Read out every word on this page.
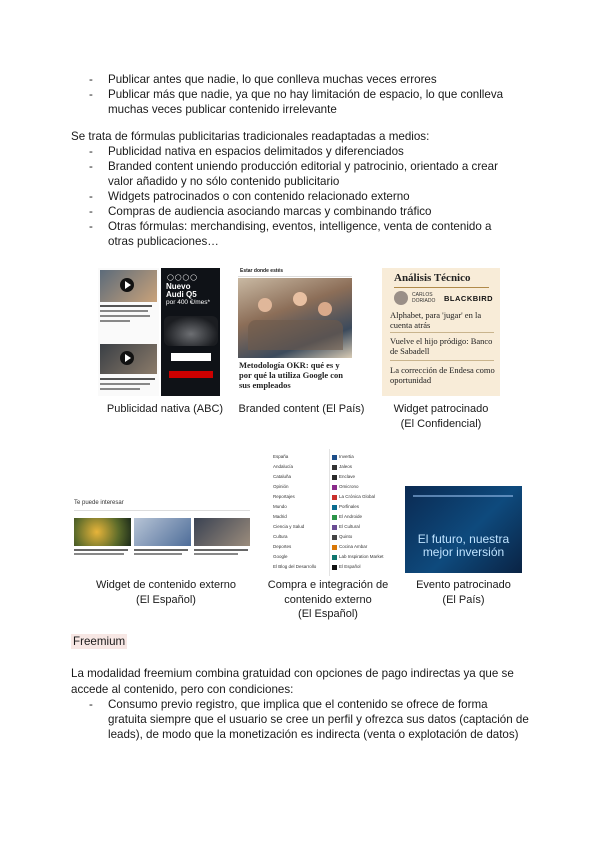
- Publicar antes que nadie, lo que conlleva muchas veces errores
- Publicar más que nadie, ya que no hay limitación de espacio, lo que conlleva muchas veces publicar contenido irrelevante
Se trata de fórmulas publicitarias tradicionales readaptadas a medios:
- Publicidad nativa en espacios delimitados y diferenciados
- Branded content uniendo producción editorial y patrocinio, orientado a crear valor añadido y no sólo contenido publicitario
- Widgets patrocinados o con contenido relacionado externo
- Compras de audiencia asociando marcas y combinando tráfico
- Otras fórmulas: merchandising, eventos, intelligence, venta de contenido a otras publicaciones…
◯◯◯◯
Nuevo
Audi Q5
por 400 €/mes*
Publicidad nativa (ABC)
Estar donde estés
Metodología OKR: qué es y por qué la utiliza Google con sus empleados
Branded content (El País)
Análisis Técnico
CARLOS
DORIADO BLACKBIRD
Alphabet, para 'jugar' en la cuenta atrás
Vuelve el hijo pródigo: Banco de Sabadell
La corrección de Endesa como oportunidad
Widget patrocinado
(El Confidencial)
Te puede interesar
Widget de contenido externo
(El Español)
España
Andalucía
Cataluña
Opinión
Reportajes
Mundo
Madrid
Ciencia y Salud
Cultura
Deportes
Google
El Blog del Desarrollo
Invertia
Jaleos
Enclave
Omicrono
La Crónica Global
Porfinales
El Androide
El Cultural
Quinto
Cocina Ambar
Lab Inspiration Market
El Español
Compra e integración de
contenido externo
(El Español)
El futuro, nuestra
mejor inversión
Evento patrocinado
(El País)
Freemium
La modalidad freemium combina gratuidad con opciones de pago indirectas ya que se accede al contenido, pero con condiciones:
- Consumo previo registro, que implica que el contenido se ofrece de forma gratuita siempre que el usuario se cree un perfil y ofrezca sus datos (captación de leads), de modo que la monetización es indirecta (venta o explotación de datos)
